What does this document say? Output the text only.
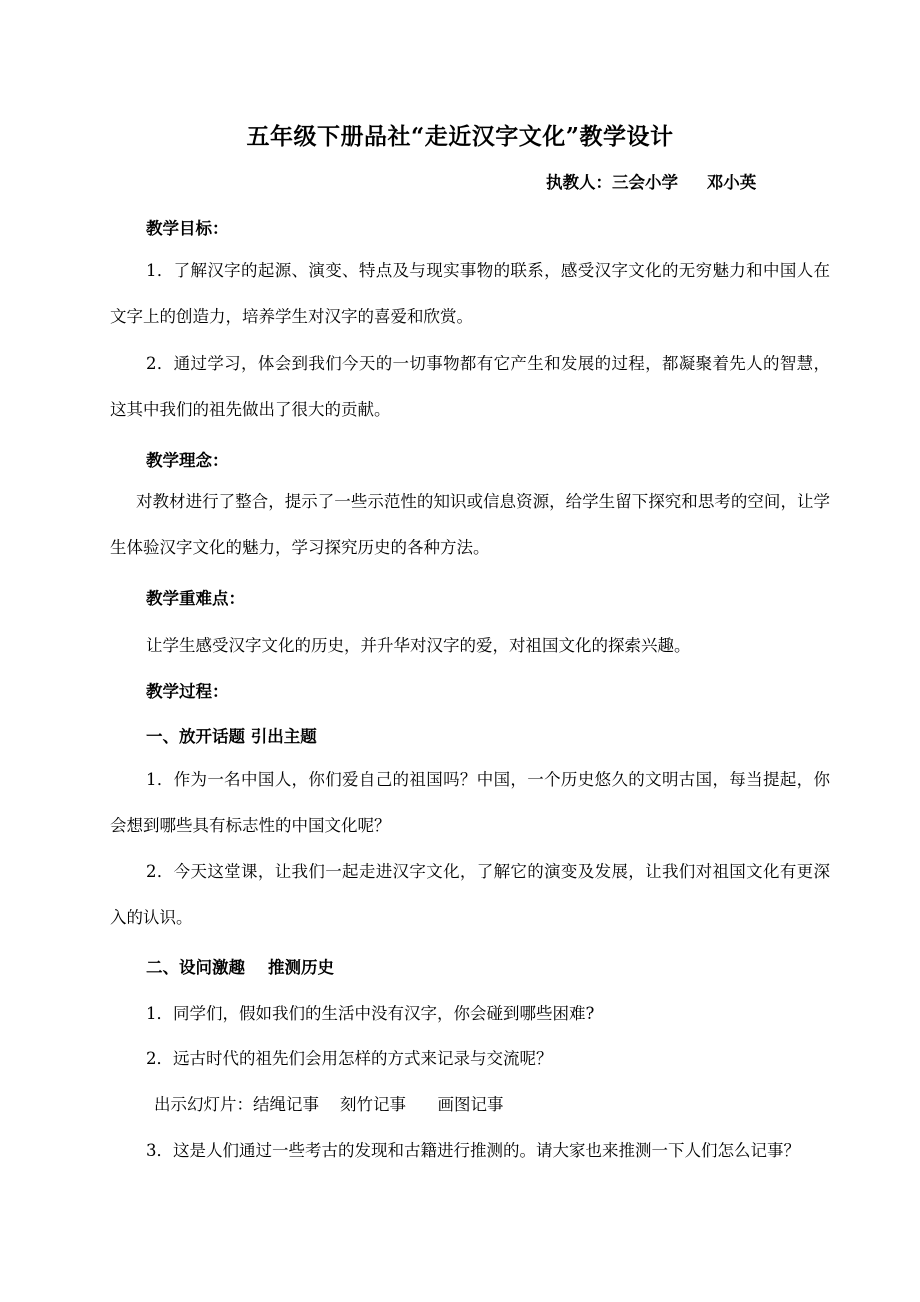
五年级下册品社“走近汉字文化”教学设计

执教人：三会小学     邓小英

教学目标：

1．了解汉字的起源、演变、特点及与现实事物的联系，感受汉字文化的无穷魅力和中国人在文字上的创造力，培养学生对汉字的喜爱和欣赏。

2．通过学习，体会到我们今天的一切事物都有它产生和发展的过程，都凝聚着先人的智慧，这其中我们的祖先做出了很大的贡献。

教学理念：

对教材进行了整合，提示了一些示范性的知识或信息资源，给学生留下探究和思考的空间，让学生体验汉字文化的魅力，学习探究历史的各种方法。

教学重难点：

让学生感受汉字文化的历史，并升华对汉字的爱，对祖国文化的探索兴趣。

教学过程：

一、放开话题 引出主题

1．作为一名中国人，你们爱自己的祖国吗？中国，一个历史悠久的文明古国，每当提起，你会想到哪些具有标志性的中国文化呢？

2．今天这堂课，让我们一起走进汉字文化，了解它的演变及发展，让我们对祖国文化有更深入的认识。

二、设问激趣    推测历史

1．同学们，假如我们的生活中没有汉字，你会碰到哪些困难?

2．远古时代的祖先们会用怎样的方式来记录与交流呢？

出示幻灯片：结绳记事    刻竹记事      画图记事

3．这是人们通过一些考古的发现和古籍进行推测的。请大家也来推测一下人们怎么记事？
